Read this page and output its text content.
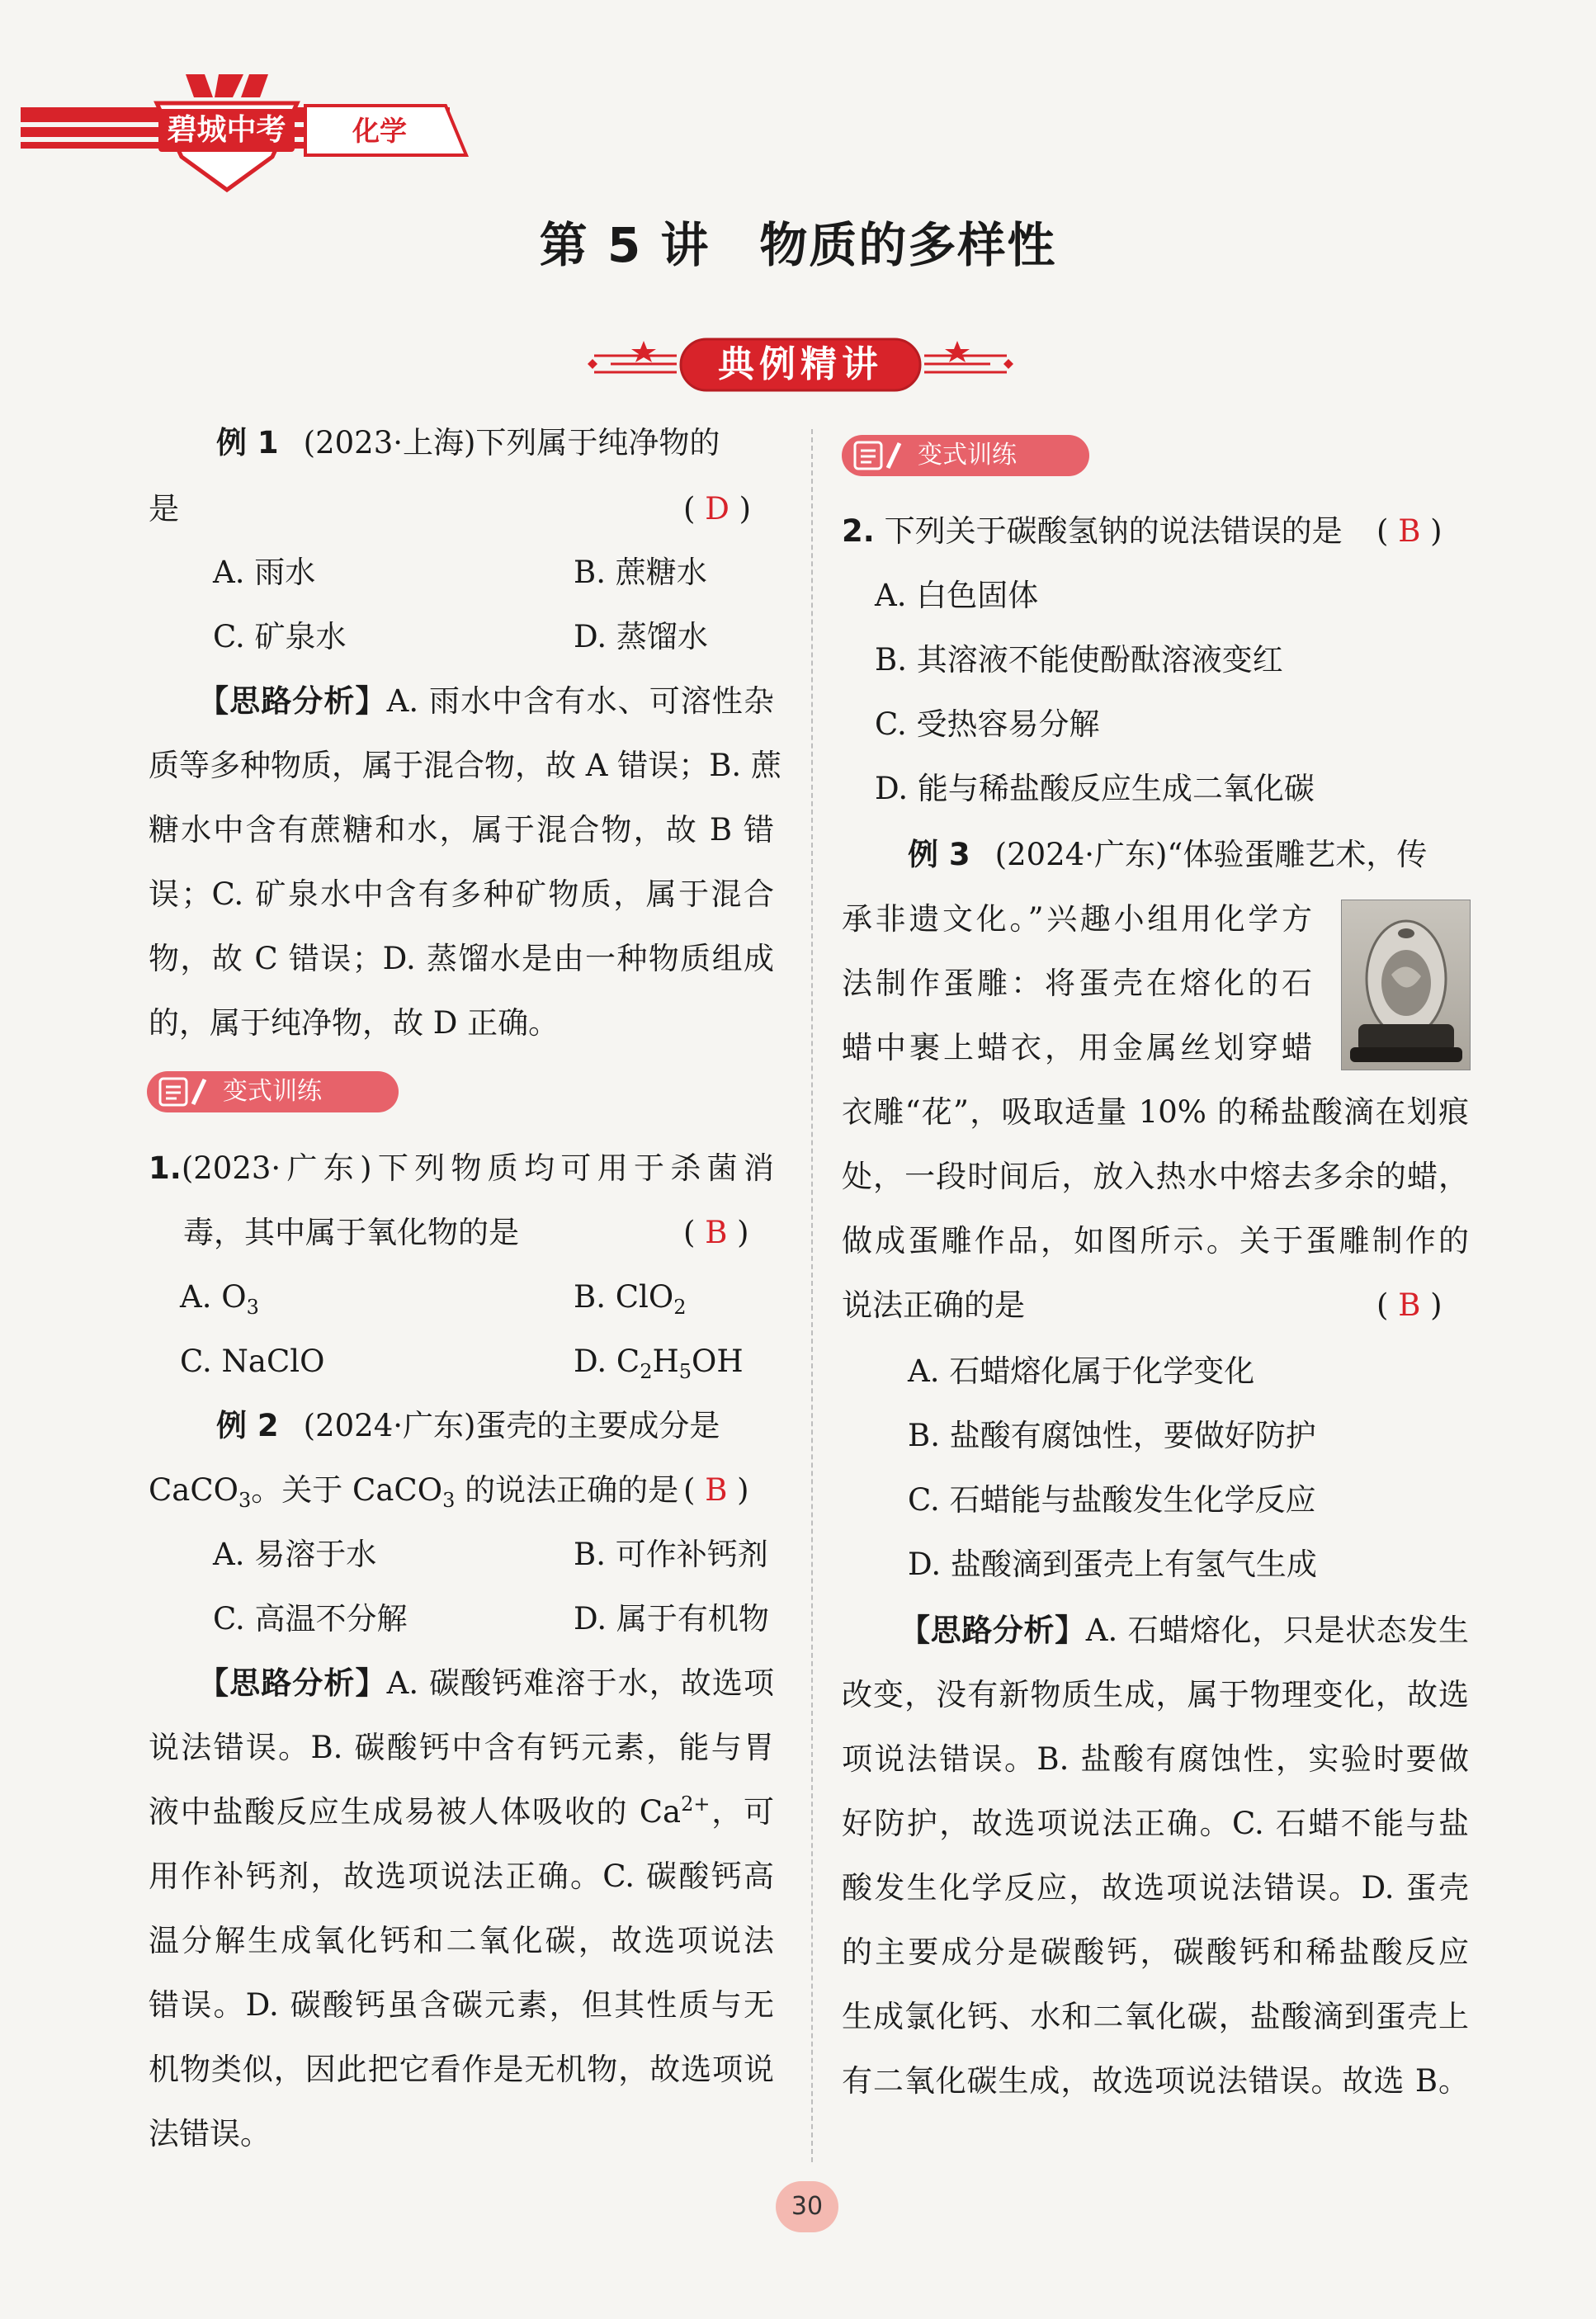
碧城中考	化学
第 5 讲　物质的多样性
典例精讲
例 1 (2023·上海)下列属于纯净物的
是	( D )
A. 雨水	B. 蔗糖水
C. 矿泉水	D. 蒸馏水
【思路分析】A. 雨水中含有水、可溶性杂
质等多种物质，属于混合物，故 A 错误；B. 蔗
糖水中含有蔗糖和水，属于混合物，故 B 错
误；C. 矿泉水中含有多种矿物质，属于混合
物，故 C 错误；D. 蒸馏水是由一种物质组成
的，属于纯净物，故 D 正确。
变式训练
1.(2023·广东)下列物质均可用于杀菌消
毒，其中属于氧化物的是	( B )
A. $O_3$	B. ClO$_2$
C. NaClO	D. $C_2H_5OH$
例 2 (2024·广东)蛋壳的主要成分是
CaCO$_3$。关于 CaCO$_3$ 的说法正确的是 ( B )
A. 易溶于水	B. 可作补钙剂
C. 高温不分解	D. 属于有机物
【思路分析】A. 碳酸钙难溶于水，故选项
说法错误。B. 碳酸钙中含有钙元素，能与胃
液中盐酸反应生成易被人体吸收的 $Ca^{2+}$，可
用作补钙剂，故选项说法正确。C. 碳酸钙高
温分解生成氧化钙和二氧化碳，故选项说法
错误。D. 碳酸钙虽含碳元素，但其性质与无
机物类似，因此把它看作是无机物，故选项说
法错误。
变式训练
2. 下列关于碳酸氢钠的说法错误的是 ( B )
A. 白色固体
B. 其溶液不能使酚酞溶液变红
C. 受热容易分解
D. 能与稀盐酸反应生成二氧化碳
例 3 (2024·广东)“体验蛋雕艺术，传
承非遗文化。”兴趣小组用化学方
法制作蛋雕：将蛋壳在熔化的石
蜡中裹上蜡衣，用金属丝划穿蜡
衣雕“花”，吸取适量 10% 的稀盐酸滴在划痕
处，一段时间后，放入热水中熔去多余的蜡，
做成蛋雕作品，如图所示。关于蛋雕制作的
说法正确的是	( B )
A. 石蜡熔化属于化学变化
B. 盐酸有腐蚀性，要做好防护
C. 石蜡能与盐酸发生化学反应
D. 盐酸滴到蛋壳上有氢气生成
【思路分析】A. 石蜡熔化，只是状态发生
改变，没有新物质生成，属于物理变化，故选
项说法错误。B. 盐酸有腐蚀性，实验时要做
好防护，故选项说法正确。C. 石蜡不能与盐
酸发生化学反应，故选项说法错误。D. 蛋壳
的主要成分是碳酸钙，碳酸钙和稀盐酸反应
生成氯化钙、水和二氧化碳，盐酸滴到蛋壳上
有二氧化碳生成，故选项说法错误。故选 B。
30
